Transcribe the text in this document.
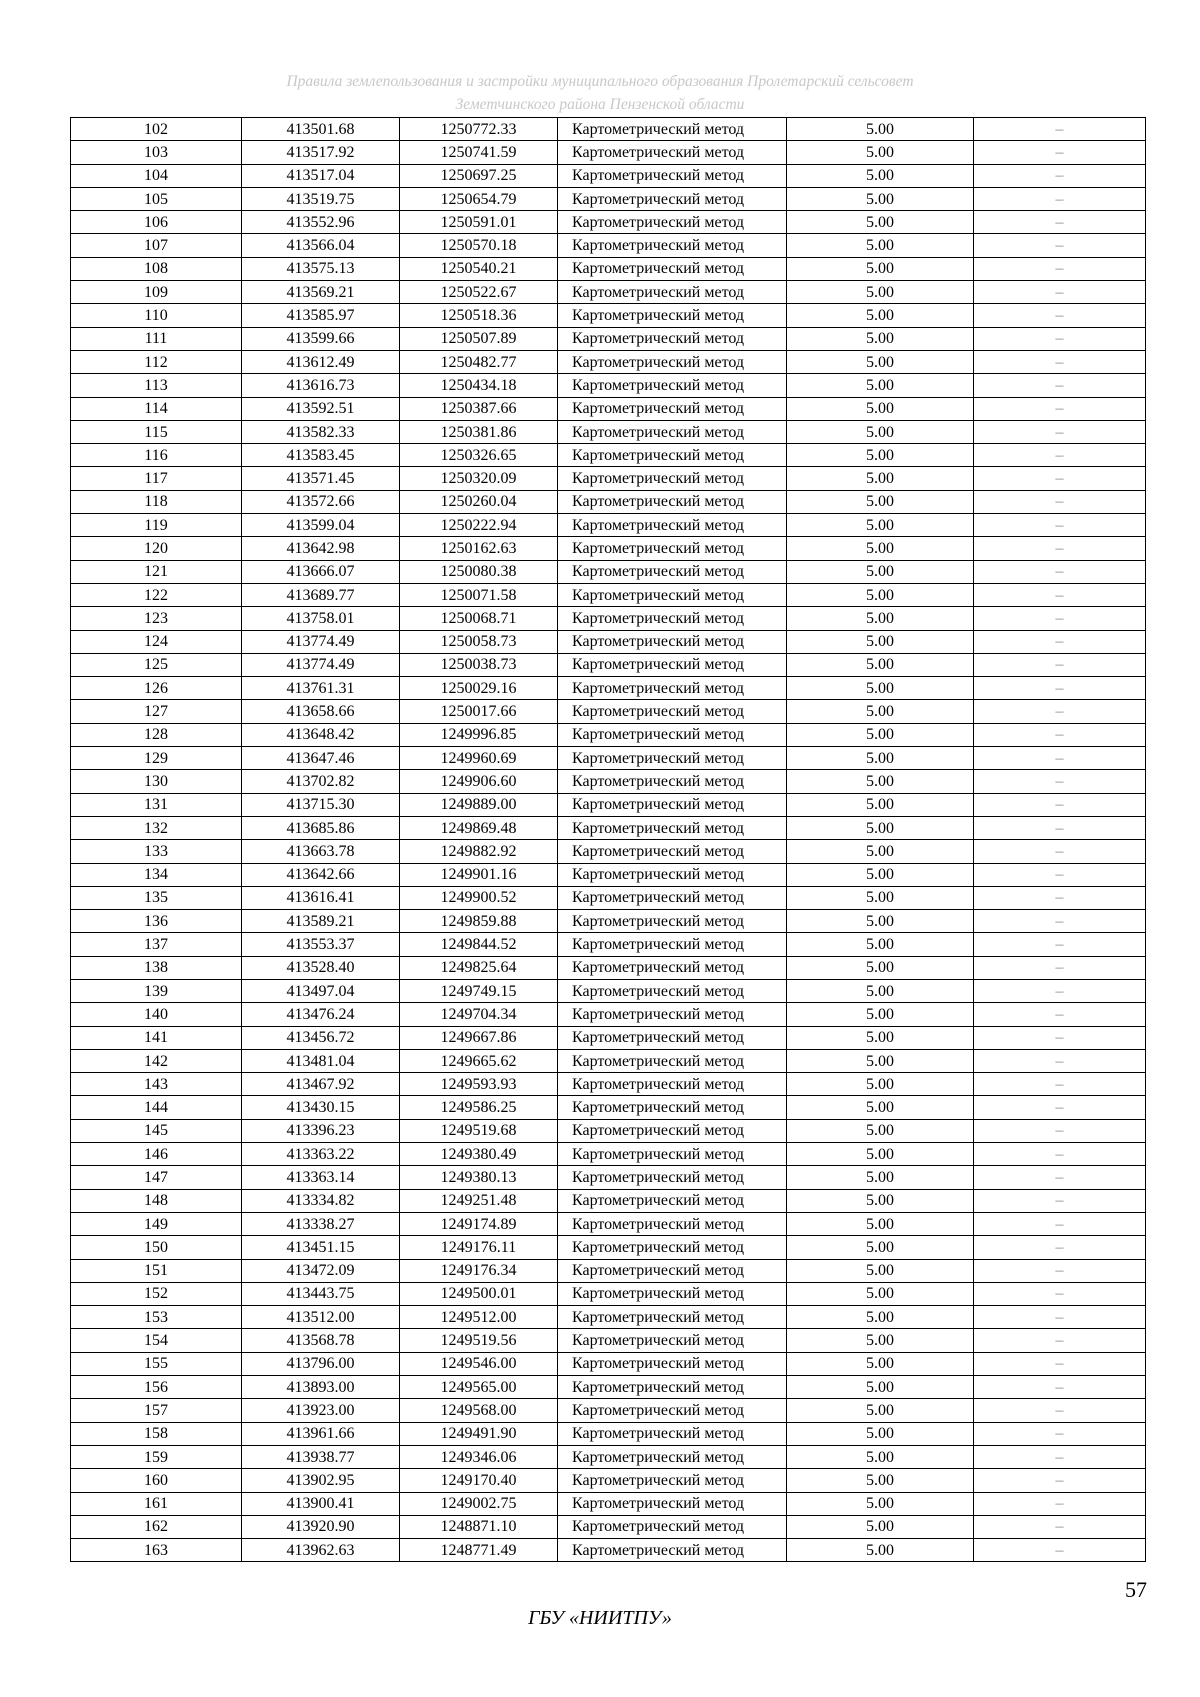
Правила землепользования и застройки муниципального образования Пролетарский сельсовет
Земетчинского района Пензенской области
102	413501.68	1250772.33	Картометрический метод	5.00	–
103	413517.92	1250741.59	Картометрический метод	5.00	–
104	413517.04	1250697.25	Картометрический метод	5.00	–
105	413519.75	1250654.79	Картометрический метод	5.00	–
106	413552.96	1250591.01	Картометрический метод	5.00	–
107	413566.04	1250570.18	Картометрический метод	5.00	–
108	413575.13	1250540.21	Картометрический метод	5.00	–
109	413569.21	1250522.67	Картометрический метод	5.00	–
110	413585.97	1250518.36	Картометрический метод	5.00	–
111	413599.66	1250507.89	Картометрический метод	5.00	–
112	413612.49	1250482.77	Картометрический метод	5.00	–
113	413616.73	1250434.18	Картометрический метод	5.00	–
114	413592.51	1250387.66	Картометрический метод	5.00	–
115	413582.33	1250381.86	Картометрический метод	5.00	–
116	413583.45	1250326.65	Картометрический метод	5.00	–
117	413571.45	1250320.09	Картометрический метод	5.00	–
118	413572.66	1250260.04	Картометрический метод	5.00	–
119	413599.04	1250222.94	Картометрический метод	5.00	–
120	413642.98	1250162.63	Картометрический метод	5.00	–
121	413666.07	1250080.38	Картометрический метод	5.00	–
122	413689.77	1250071.58	Картометрический метод	5.00	–
123	413758.01	1250068.71	Картометрический метод	5.00	–
124	413774.49	1250058.73	Картометрический метод	5.00	–
125	413774.49	1250038.73	Картометрический метод	5.00	–
126	413761.31	1250029.16	Картометрический метод	5.00	–
127	413658.66	1250017.66	Картометрический метод	5.00	–
128	413648.42	1249996.85	Картометрический метод	5.00	–
129	413647.46	1249960.69	Картометрический метод	5.00	–
130	413702.82	1249906.60	Картометрический метод	5.00	–
131	413715.30	1249889.00	Картометрический метод	5.00	–
132	413685.86	1249869.48	Картометрический метод	5.00	–
133	413663.78	1249882.92	Картометрический метод	5.00	–
134	413642.66	1249901.16	Картометрический метод	5.00	–
135	413616.41	1249900.52	Картометрический метод	5.00	–
136	413589.21	1249859.88	Картометрический метод	5.00	–
137	413553.37	1249844.52	Картометрический метод	5.00	–
138	413528.40	1249825.64	Картометрический метод	5.00	–
139	413497.04	1249749.15	Картометрический метод	5.00	–
140	413476.24	1249704.34	Картометрический метод	5.00	–
141	413456.72	1249667.86	Картометрический метод	5.00	–
142	413481.04	1249665.62	Картометрический метод	5.00	–
143	413467.92	1249593.93	Картометрический метод	5.00	–
144	413430.15	1249586.25	Картометрический метод	5.00	–
145	413396.23	1249519.68	Картометрический метод	5.00	–
146	413363.22	1249380.49	Картометрический метод	5.00	–
147	413363.14	1249380.13	Картометрический метод	5.00	–
148	413334.82	1249251.48	Картометрический метод	5.00	–
149	413338.27	1249174.89	Картометрический метод	5.00	–
150	413451.15	1249176.11	Картометрический метод	5.00	–
151	413472.09	1249176.34	Картометрический метод	5.00	–
152	413443.75	1249500.01	Картометрический метод	5.00	–
153	413512.00	1249512.00	Картометрический метод	5.00	–
154	413568.78	1249519.56	Картометрический метод	5.00	–
155	413796.00	1249546.00	Картометрический метод	5.00	–
156	413893.00	1249565.00	Картометрический метод	5.00	–
157	413923.00	1249568.00	Картометрический метод	5.00	–
158	413961.66	1249491.90	Картометрический метод	5.00	–
159	413938.77	1249346.06	Картометрический метод	5.00	–
160	413902.95	1249170.40	Картометрический метод	5.00	–
161	413900.41	1249002.75	Картометрический метод	5.00	–
162	413920.90	1248871.10	Картометрический метод	5.00	–
163	413962.63	1248771.49	Картометрический метод	5.00	–
57
ГБУ «НИИТПУ»
